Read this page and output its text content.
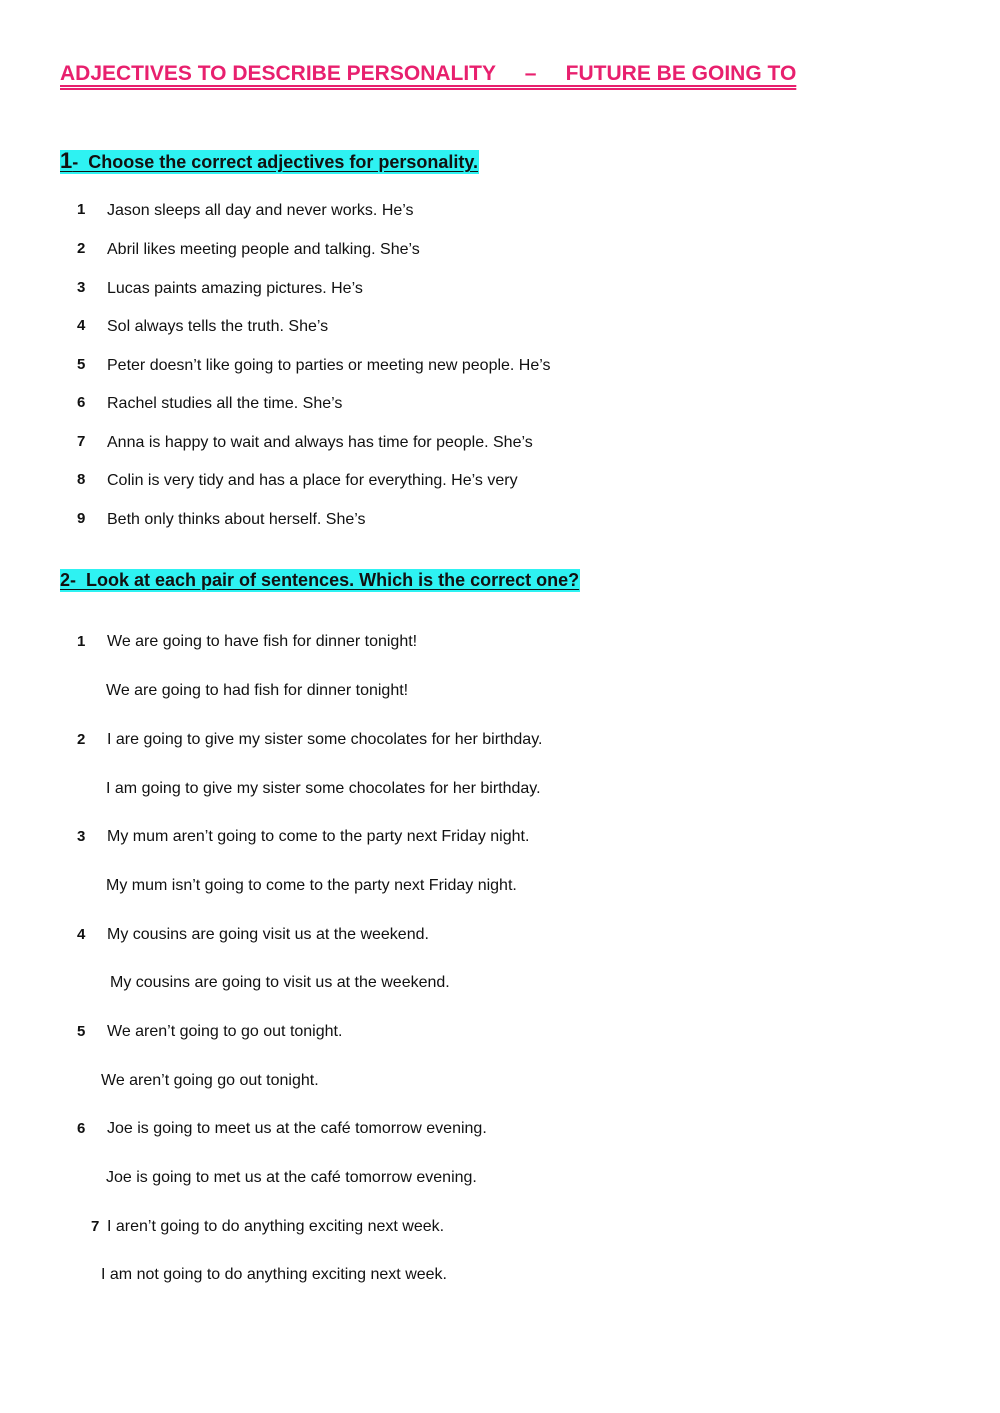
ADJECTIVES TO DESCRIBE PERSONALITY     –     FUTURE BE GOING TO
1-  Choose the correct adjectives for personality.
1 Jason sleeps all day and never works. He’s
2 Abril likes meeting people and talking. She’s
3 Lucas paints amazing pictures. He’s
4 Sol always tells the truth. She’s
5 Peter doesn’t like going to parties or meeting new people. He’s
6 Rachel studies all the time. She’s
7 Anna is happy to wait and always has time for people. She’s
8 Colin is very tidy and has a place for everything. He’s very
9 Beth only thinks about herself. She’s
2-  Look at each pair of sentences. Which is the correct one?
1 We are going to have fish for dinner tonight!
We are going to had fish for dinner tonight!
2 I are going to give my sister some chocolates for her birthday.
I am going to give my sister some chocolates for her birthday.
3 My mum aren’t going to come to the party next Friday night.
My mum isn’t going to come to the party next Friday night.
4 My cousins are going visit us at the weekend.
My cousins are going to visit us at the weekend.
5 We aren’t going to go out tonight.
We aren’t going go out tonight.
6 Joe is going to meet us at the café tomorrow evening.
Joe is going to met us at the café tomorrow evening.
7 I aren’t going to do anything exciting next week.
I am not going to do anything exciting next week.
